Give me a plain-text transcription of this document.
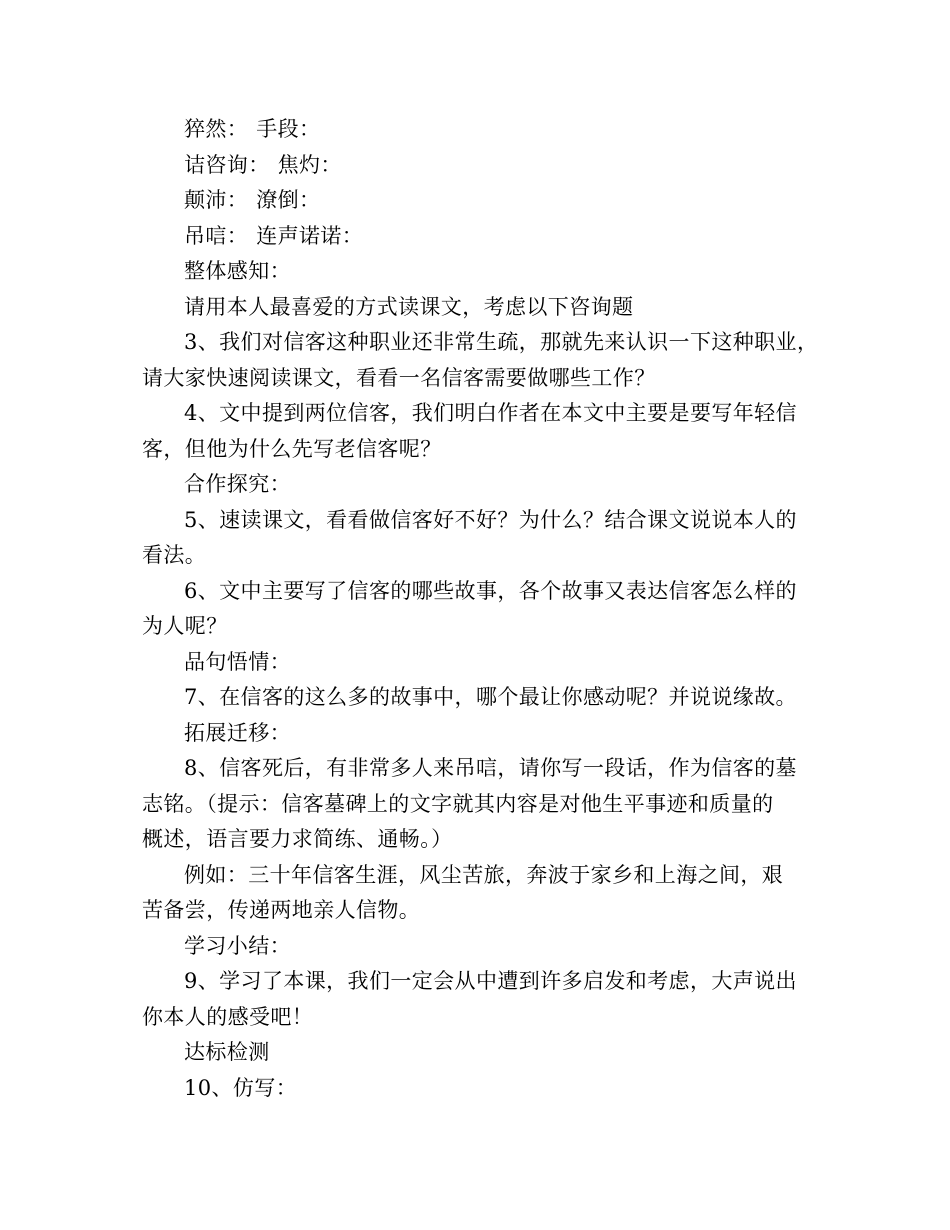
猝然： 手段：

诘咨询： 焦灼：

颠沛： 潦倒：

吊唁： 连声诺诺：

整体感知：

请用本人最喜爱的方式读课文，考虑以下咨询题

3、我们对信客这种职业还非常生疏，那就先来认识一下这种职业，

请大家快速阅读课文，看看一名信客需要做哪些工作？

4、文中提到两位信客，我们明白作者在本文中主要是要写年轻信

客，但他为什么先写老信客呢？

合作探究：

5、速读课文，看看做信客好不好？为什么？结合课文说说本人的

看法。

6、文中主要写了信客的哪些故事，各个故事又表达信客怎么样的

为人呢？

品句悟情：

7、在信客的这么多的故事中，哪个最让你感动呢？并说说缘故。

拓展迁移：

8、信客死后，有非常多人来吊唁，请你写一段话，作为信客的墓

志铭。（提示：信客墓碑上的文字就其内容是对他生平事迹和质量的

概述，语言要力求简练、通畅。）

例如：三十年信客生涯，风尘苦旅，奔波于家乡和上海之间，艰

苦备尝，传递两地亲人信物。

学习小结：

9、学习了本课，我们一定会从中遭到许多启发和考虑，大声说出

你本人的感受吧！

达标检测

10、仿写：
